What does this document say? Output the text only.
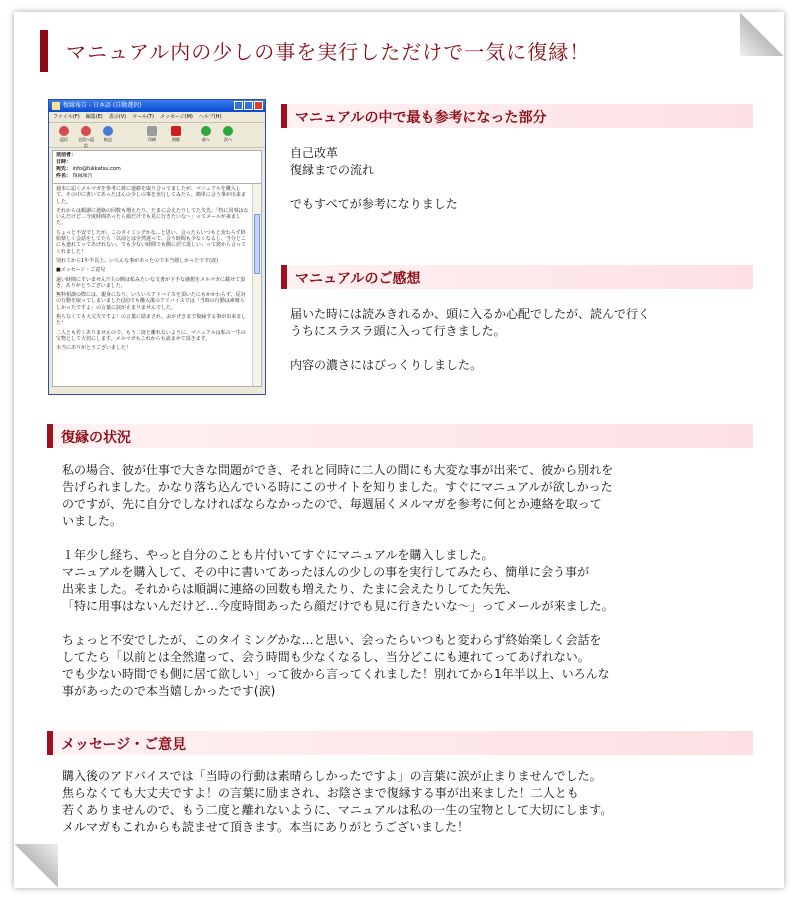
マニュアル内の少しの事を実行しただけで一気に復縁！
復縁報告 - 日本語 (自動選択)
ファイル(F) 編集(E) 表示(V) ツール(T) メッセージ(M) ヘルプ(H)
返信	全員へ返信
転送	印刷	削除	前へ	次へ
送信者：
日時：
宛先： info@fukkatsu.com
件名： 復縁報告

週末に届くメルマガを参考に彼に連絡を取り合ってましたが、マニュアルを購入して、その中に書いてあったほんの少しの事を実行してみたら、簡単に会う事が出来ました。

それからは順調に連絡の回数も増えたり、たまに会えたりしてた矢先、「特に用事はないんだけど…今度時間あったら顔だけでも見に行きたいな〜」ってメールが来ました。

ちょっと不安でしたが、このタイミングかな…と思い、会ったらいつもと変わらず終始楽しく会話をしてたら「以前とは全然違って、会う時間も少なくなるし、当分どこにも連れてってあげれない。でも少ない時間でも側に居て欲しい」って彼から言ってくれました！

別れてから1年半以上、いろんな事があったので本当嬉しかったです(涙)

■メッセージ・ご意見

遠い時間にすいません!!主の側は私みたいな文書が下手な感想をメルマガに載せて頂き、ありがとうございました。

無料相談の際には、親身になり、いろいろアドバイスを頂いたにもかかわらず、反対の行動を取ってしまいました(涙)でも購入後のアドバイスでは「当時の行動は素晴らしかったですよ」の言葉に涙が止まりませんでした。

焦らなくても大丈夫ですよ！の言葉に励まされ、おかげさまで復縁する事が出来ました！

二人とも若くありませんので、もう二度と離れないように、マニュアルは私の一生の宝物として大切にします。メルマガもこれからも読ませて頂きます。

本当にありがとうございました！

マニュアルの中で最も参考になった部分

自己改革

復縁までの流れ

でもすべてが参考になりました

マニュアルのご感想

届いた時には読みきれるか、頭に入るか心配でしたが、読んで行く

うちにスラスラ頭に入って行きました。

内容の濃さにはびっくりしました。

復縁の状況

私の場合、彼が仕事で大きな問題ができ、それと同時に二人の間にも大変な事が出来て、彼から別れを

告げられました。かなり落ち込んでいる時にこのサイトを知りました。すぐにマニュアルが欲しかった

のですが、先に自分でしなければならなかったので、毎週届くメルマガを参考に何とか連絡を取って

いました。

１年少し経ち、やっと自分のことも片付いてすぐにマニュアルを購入しました。

マニュアルを購入して、その中に書いてあったほんの少しの事を実行してみたら、簡単に会う事が

出来ました。それからは順調に連絡の回数も増えたり、たまに会えたりしてた矢先、

「特に用事はないんだけど…今度時間あったら顔だけでも見に行きたいな〜」ってメールが来ました。

ちょっと不安でしたが、このタイミングかな…と思い、会ったらいつもと変わらず終始楽しく会話を

してたら「以前とは全然違って、会う時間も少なくなるし、当分どこにも連れてってあげれない。

でも少ない時間でも側に居て欲しい」って彼から言ってくれました！別れてから1年半以上、いろんな

事があったので本当嬉しかったです(涙)

メッセージ・ご意見

購入後のアドバイスでは「当時の行動は素晴らしかったですよ」の言葉に涙が止まりませんでした。

焦らなくても大丈夫ですよ！の言葉に励まされ、お陰さまで復縁する事が出来ました！二人とも

若くありませんので、もう二度と離れないように、マニュアルは私の一生の宝物として大切にします。

メルマガもこれからも読ませて頂きます。本当にありがとうございました！
